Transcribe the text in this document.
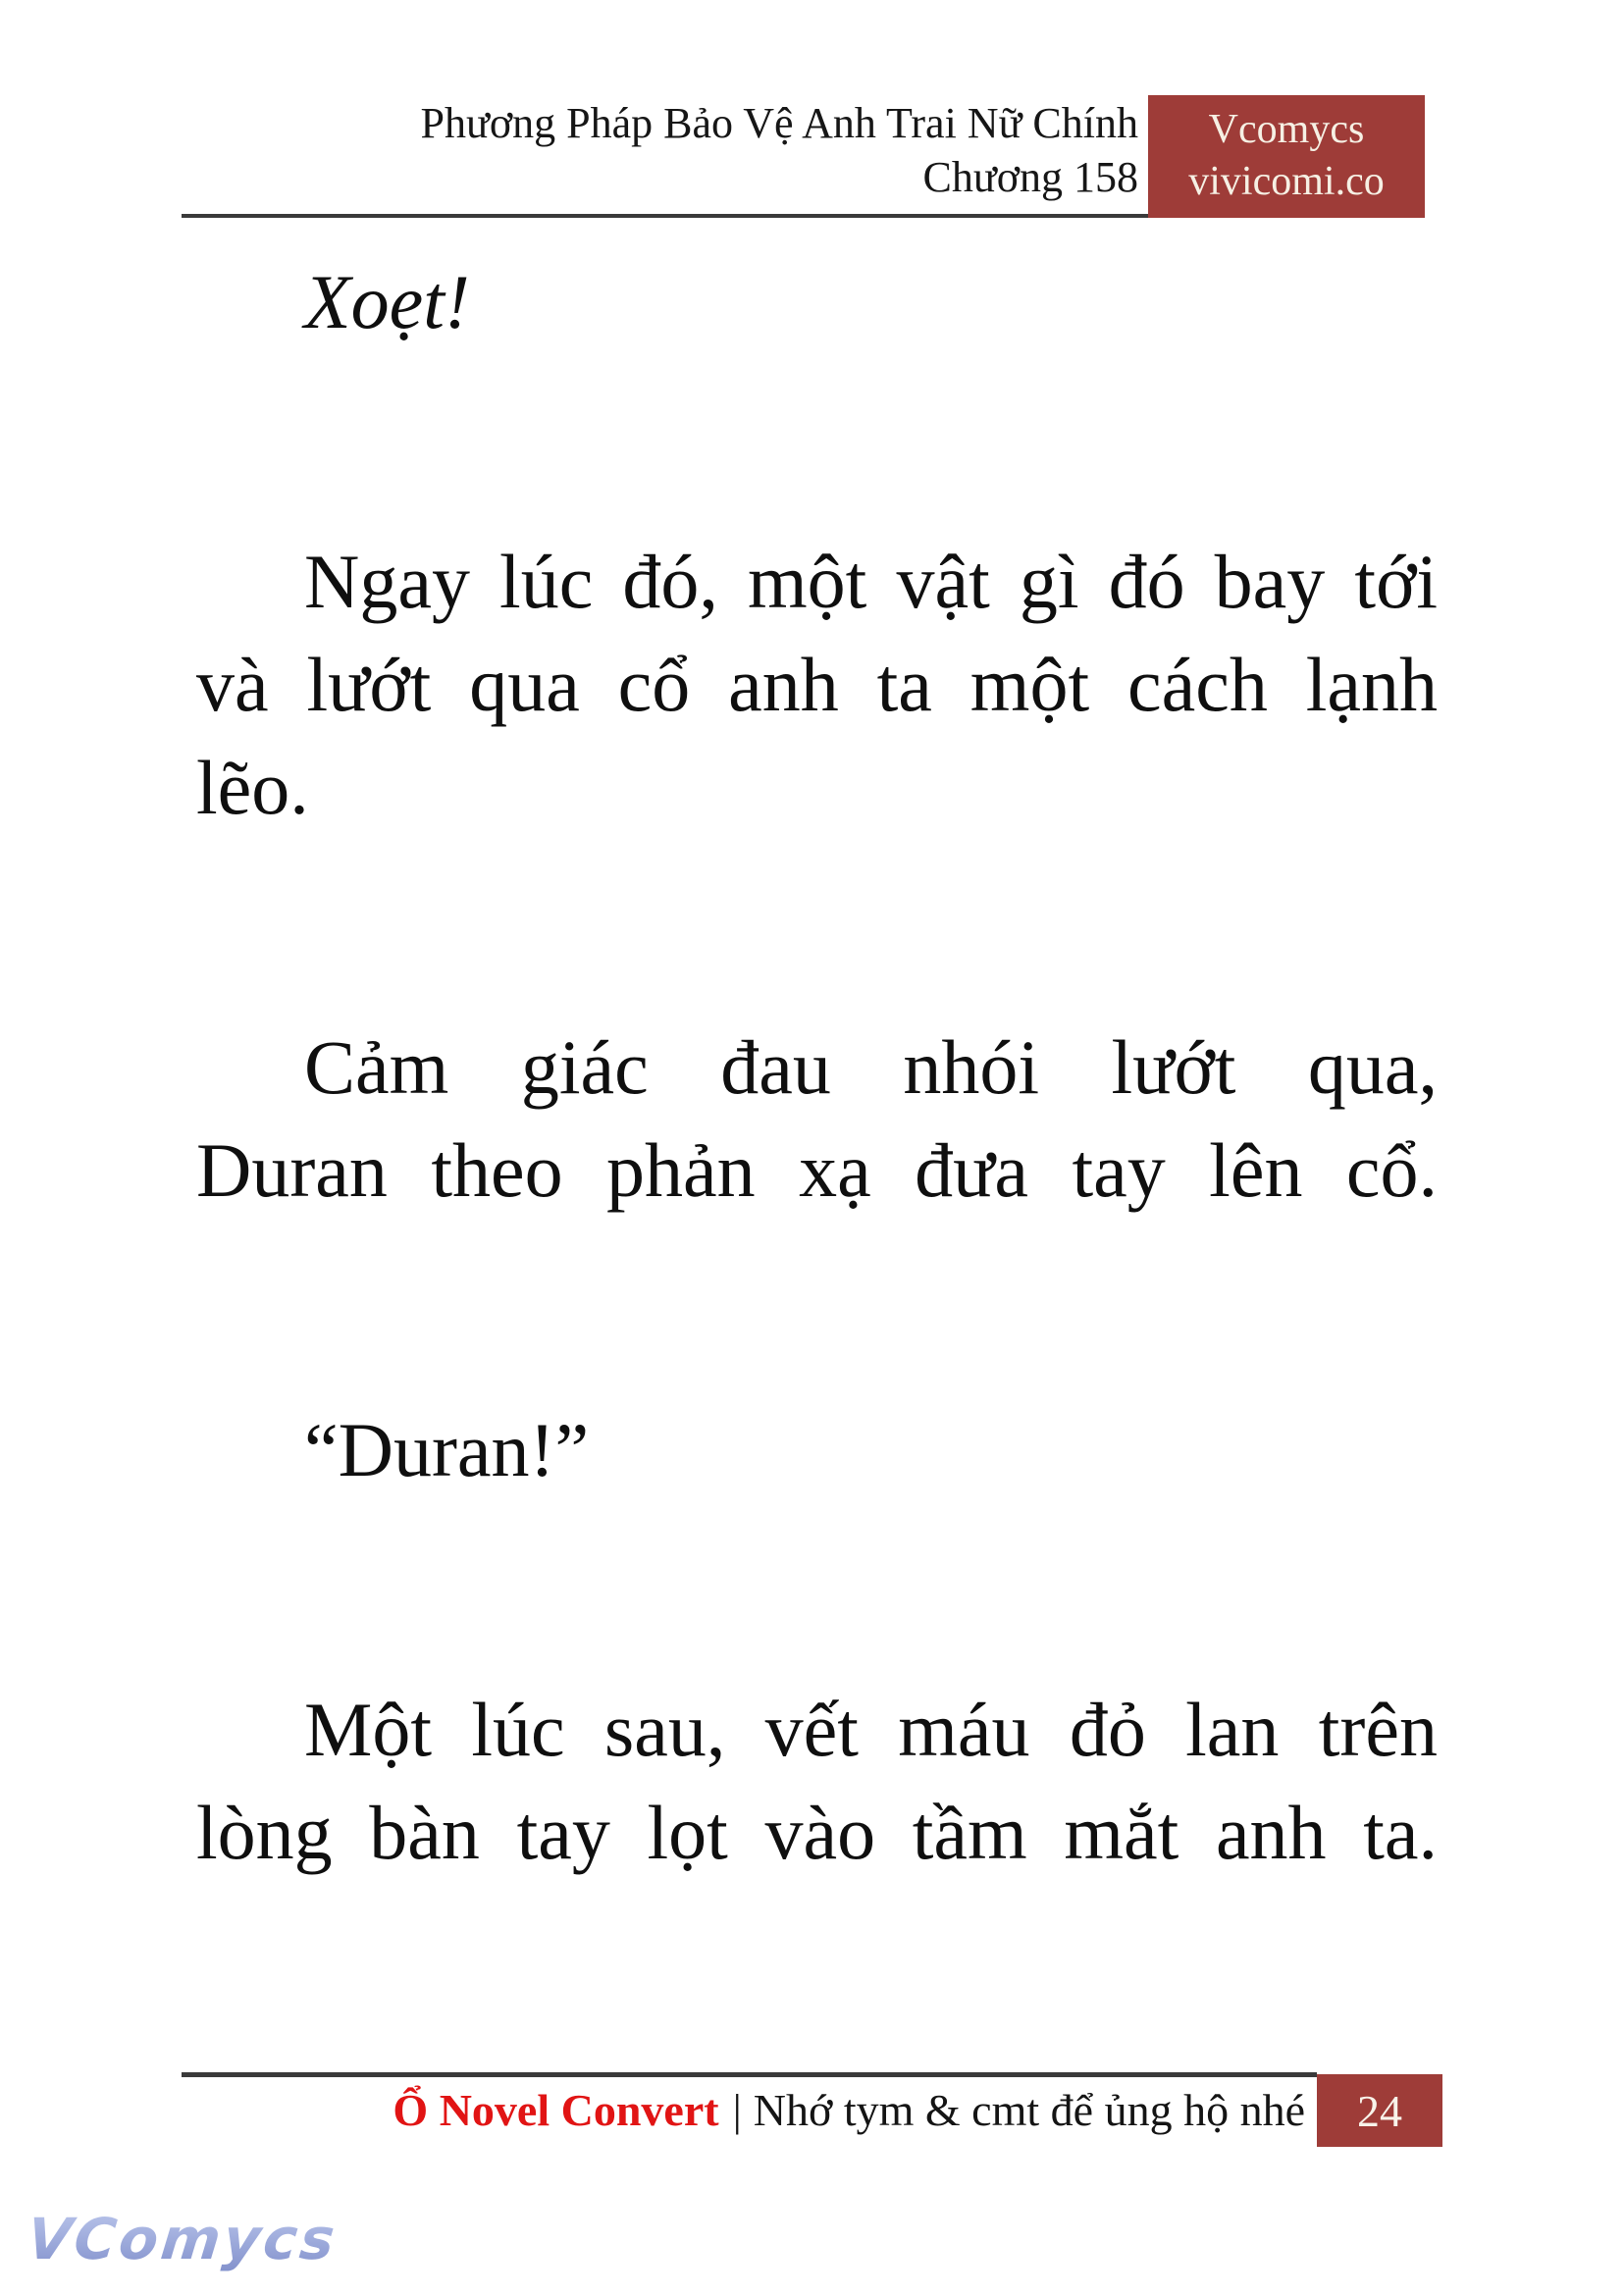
Phương Pháp Bảo Vệ Anh Trai Nữ Chính
Chương 158
Vcomycs
vivicomi.co
Xoẹt!
Ngay lúc đó, một vật gì đó bay tới
và lướt qua cổ anh ta một cách lạnh
lẽo.
Cảm giác đau nhói lướt qua,
Duran theo phản xạ đưa tay lên cổ.
“Duran!”
Một lúc sau, vết máu đỏ lan trên
lòng bàn tay lọt vào tầm mắt anh ta.
Ổ Novel Convert | Nhớ tym & cmt để ủng hộ nhé 24
VComycs
